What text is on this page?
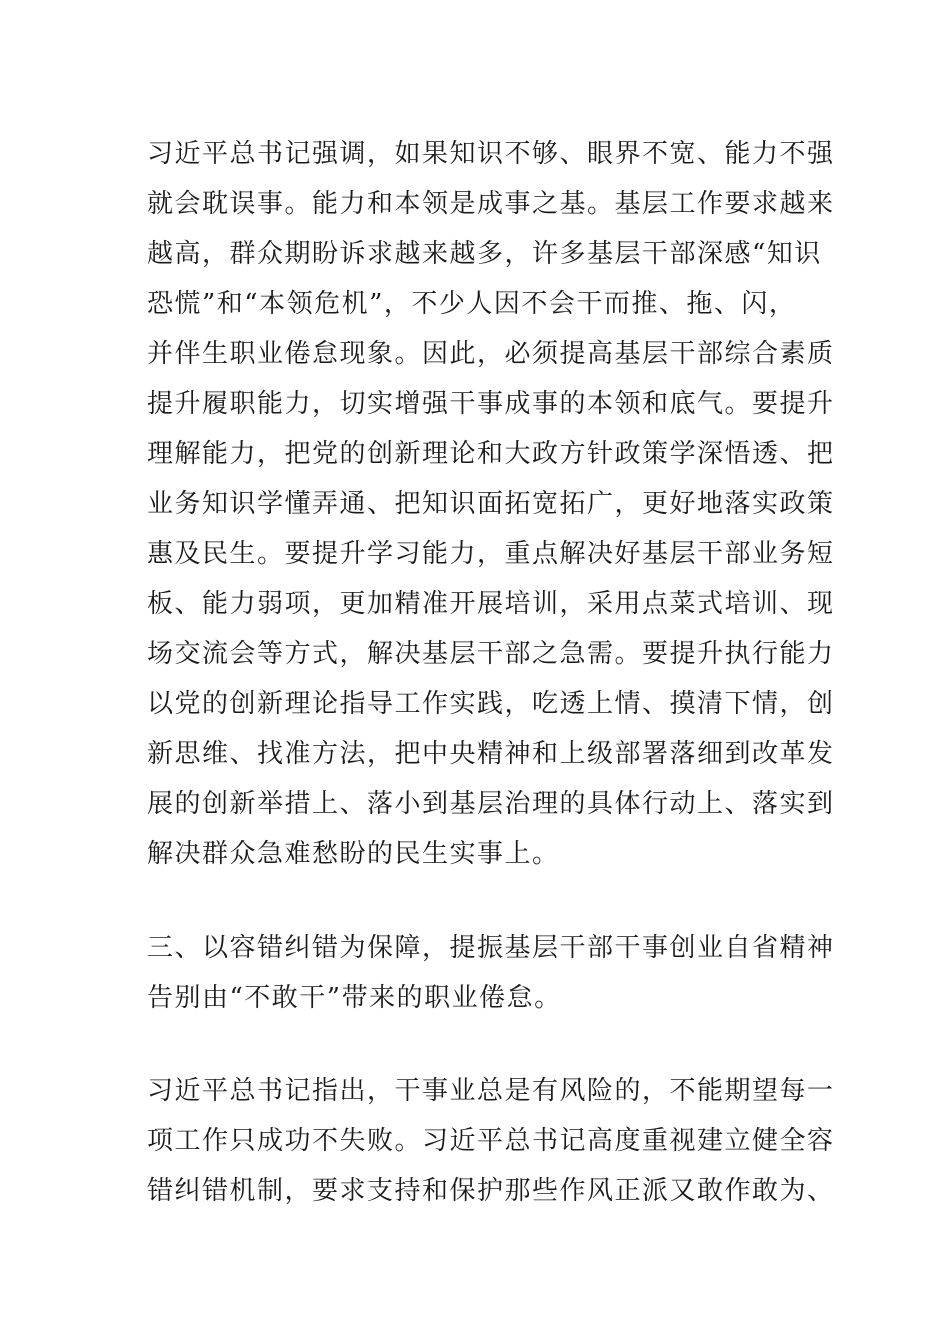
习近平总书记强调，如果知识不够、眼界不宽、能力不强
就会耽误事。能力和本领是成事之基。基层工作要求越来
越高，群众期盼诉求越来越多，许多基层干部深感“知识
恐慌”和“本领危机”，不少人因不会干而推、拖、闪，
并伴生职业倦怠现象。因此，必须提高基层干部综合素质
提升履职能力，切实增强干事成事的本领和底气。要提升
理解能力，把党的创新理论和大政方针政策学深悟透、把
业务知识学懂弄通、把知识面拓宽拓广，更好地落实政策
惠及民生。要提升学习能力，重点解决好基层干部业务短
板、能力弱项，更加精准开展培训，采用点菜式培训、现
场交流会等方式，解决基层干部之急需。要提升执行能力
以党的创新理论指导工作实践，吃透上情、摸清下情，创
新思维、找准方法，把中央精神和上级部署落细到改革发
展的创新举措上、落小到基层治理的具体行动上、落实到
解决群众急难愁盼的民生实事上。
三、以容错纠错为保障，提振基层干部干事创业自省精神
告别由“不敢干”带来的职业倦怠。
习近平总书记指出，干事业总是有风险的，不能期望每一
项工作只成功不失败。习近平总书记高度重视建立健全容
错纠错机制，要求支持和保护那些作风正派又敢作敢为、
